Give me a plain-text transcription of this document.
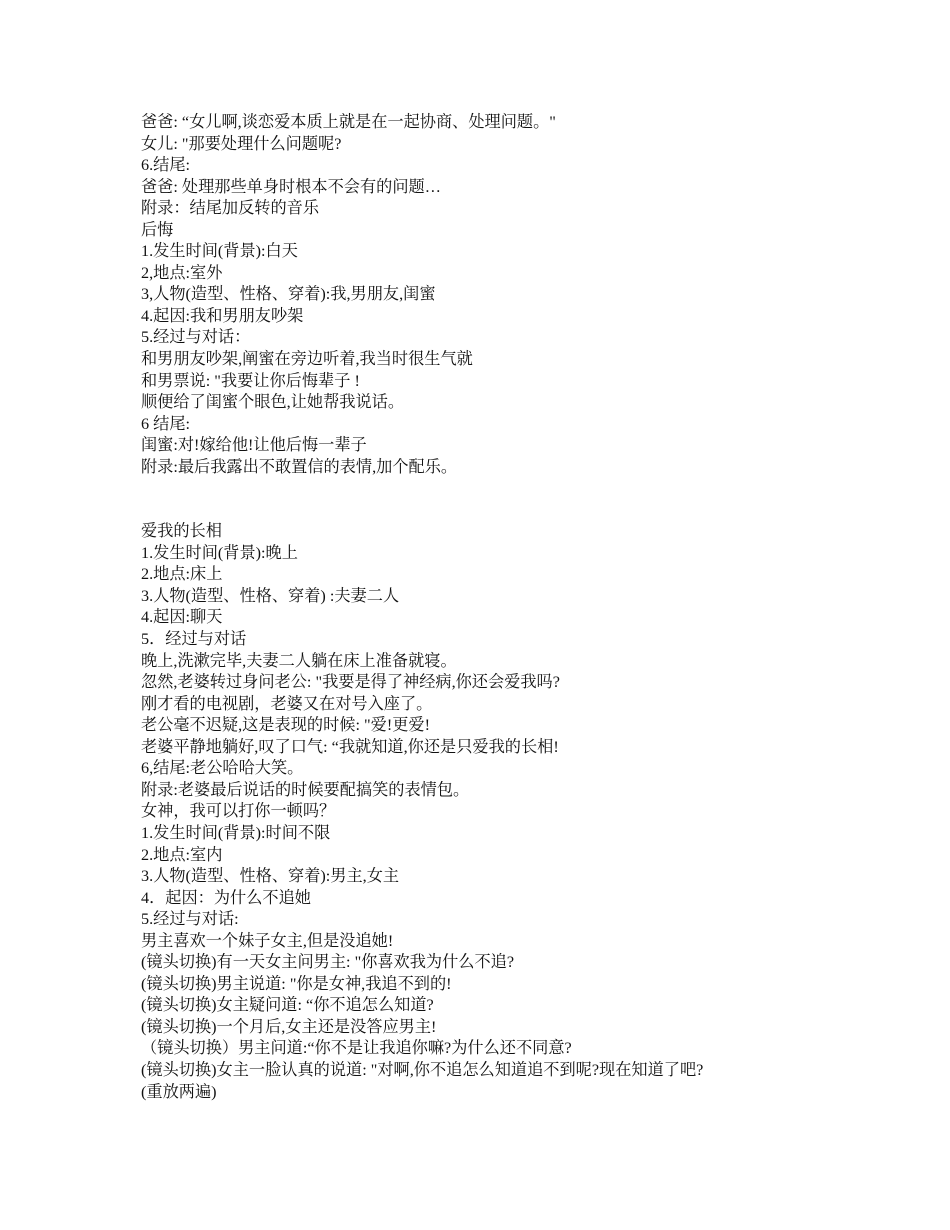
爸爸: “女儿啊,谈恋爱本质上就是在一起协商、处理问题。"
女儿: "那要处理什么问题呢?
6.结尾:
爸爸: 处理那些单身时根本不会有的问题…
附录：结尾加反转的音乐
后悔
1.发生时间(背景):白天
2,地点:室外
3,人物(造型、性格、穿着):我,男朋友,闺蜜
4.起因:我和男朋友吵架
5.经过与对话：
和男朋友吵架,阐蜜在旁边听着,我当时很生气就
和男票说: "我要让你后悔辈子 !
顺便给了闺蜜个眼色,让她帮我说话。
6 结尾:
闺蜜:对!嫁给他!让他后悔一辈子
附录:最后我露出不敢置信的表情,加个配乐。
爱我的长相
1.发生时间(背景):晚上
2.地点:床上
3.人物(造型、性格、穿着) :夫妻二人
4.起因:聊天
5．经过与对话
晚上,洗漱完毕,夫妻二人躺在床上准备就寝。
忽然,老婆转过身问老公: "我要是得了神经病,你还会爱我吗?
刚才看的电视剧，老婆又在对号入座了。
老公毫不迟疑,这是表现的时候: "爱!更爱!
老婆平静地躺好,叹了口气: “我就知道,你还是只爱我的长相!
6,结尾:老公哈哈大笑。
附录:老婆最后说话的时候要配搞笑的表情包。
女神，我可以打你一顿吗？
1.发生时间(背景):时间不限
2.地点:室内
3.人物(造型、性格、穿着):男主,女主
4．起因：为什么不追她
5.经过与对话:
男主喜欢一个妹子女主,但是没追她!
(镜头切换)有一天女主问男主: "你喜欢我为什么不追?
(镜头切换)男主说道: "你是女神,我追不到的!
(镜头切换)女主疑问道: “你不追怎么知道?
(镜头切换)一个月后,女主还是没答应男主!
（镜头切换）男主问道:“你不是让我追你嘛?为什么还不同意?
(镜头切换)女主一脸认真的说道: "对啊,你不追怎么知道追不到呢?现在知道了吧?
(重放两遍)
